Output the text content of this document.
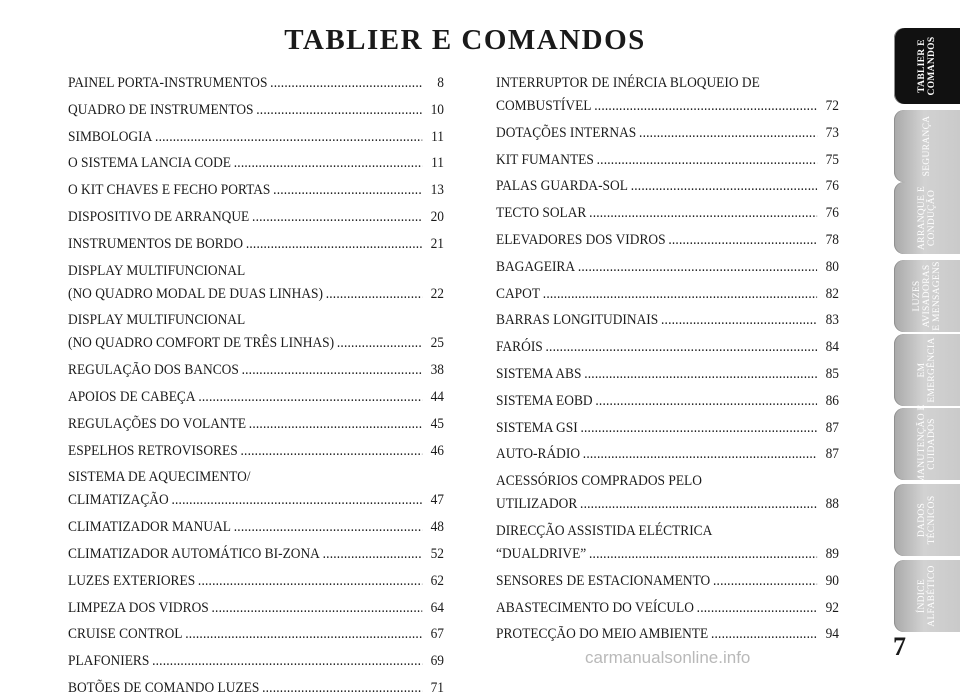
TABLIER E COMANDOS
PAINEL PORTA-INSTRUMENTOS .....	8
QUADRO DE INSTRUMENTOS .....	10
SIMBOLOGIA .....	11
O SISTEMA LANCIA CODE .....	11
O KIT CHAVES E FECHO PORTAS .....	13
DISPOSITIVO DE ARRANQUE .....	20
INSTRUMENTOS DE BORDO .....	21
DISPLAY MULTIFUNCIONAL
(NO QUADRO MODAL DE DUAS LINHAS) .....	22
DISPLAY MULTIFUNCIONAL
(NO QUADRO COMFORT DE TRÊS LINHAS) .....	25
REGULAÇÃO DOS BANCOS .....	38
APOIOS DE CABEÇA .....	44
REGULAÇÕES DO VOLANTE .....	45
ESPELHOS RETROVISORES .....	46
SISTEMA DE AQUECIMENTO/
CLIMATIZAÇÃO .....	47
CLIMATIZADOR MANUAL .....	48
CLIMATIZADOR AUTOMÁTICO BI-ZONA .....	52
LUZES EXTERIORES .....	62
LIMPEZA DOS VIDROS .....	64
CRUISE CONTROL .....	67
PLAFONIERS .....	69
BOTÕES DE COMANDO LUZES .....	71
INTERRUPTOR DE INÉRCIA BLOQUEIO DE
COMBUSTÍVEL .....	72
DOTAÇÕES INTERNAS .....	73
KIT FUMANTES .....	75
PALAS GUARDA-SOL .....	76
TECTO SOLAR .....	76
ELEVADORES DOS VIDROS .....	78
BAGAGEIRA .....	80
CAPOT .....	82
BARRAS LONGITUDINAIS .....	83
FARÓIS .....	84
SISTEMA ABS .....	85
SISTEMA EOBD .....	86
SISTEMA GSI .....	87
AUTO-RÁDIO .....	87
ACESSÓRIOS COMPRADOS PELO
UTILIZADOR .....	88
DIRECÇÃO ASSISTIDA ELÉCTRICA
“DUALDRIVE” .....	89
SENSORES DE ESTACIONAMENTO .....	90
ABASTECIMENTO DO VEÍCULO .....	92
PROTECÇÃO DO MEIO AMBIENTE .....	94
TABLIER E
COMANDOS
SEGURANÇA
ARRANQUE E
CONDUÇÃO
LUZES
AVISADORAS
E MENSAGENS
EM
EMERGÊNCIA
MANUTENÇÃO E
CUIDADOS
DADOS
TÉCNICOS
ÍNDICE
ALFABÉTICO
7
carmanualsonline.info
